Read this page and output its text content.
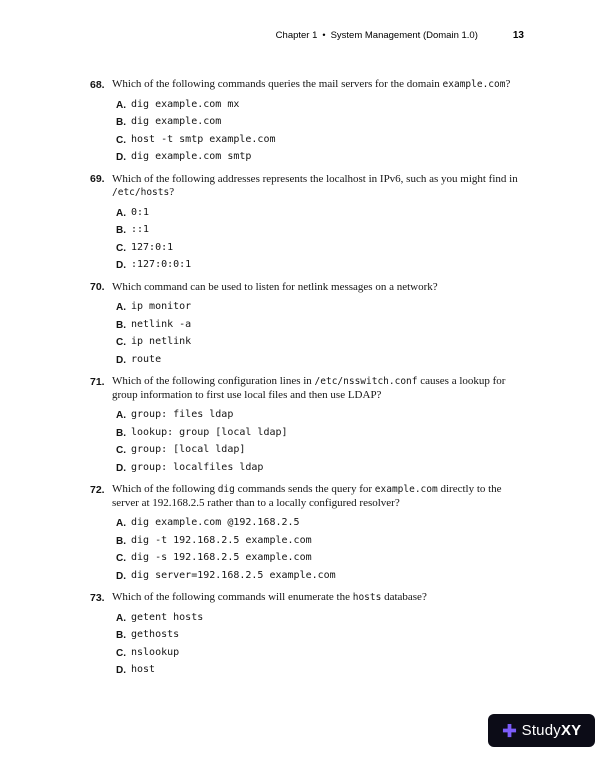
Chapter 1 • System Management (Domain 1.0)	13
68. Which of the following commands queries the mail servers for the domain example.com?
A. dig example.com mx
B. dig example.com
C. host -t smtp example.com
D. dig example.com smtp
69. Which of the following addresses represents the localhost in IPv6, such as you might find in /etc/hosts?
A. 0:1
B. ::1
C. 127:0:1
D. :127:0:0:1
70. Which command can be used to listen for netlink messages on a network?
A. ip monitor
B. netlink -a
C. ip netlink
D. route
71. Which of the following configuration lines in /etc/nsswitch.conf causes a lookup for group information to first use local files and then use LDAP?
A. group: files ldap
B. lookup: group [local ldap]
C. group: [local ldap]
D. group: localfiles ldap
72. Which of the following dig commands sends the query for example.com directly to the server at 192.168.2.5 rather than to a locally configured resolver?
A. dig example.com @192.168.2.5
B. dig -t 192.168.2.5 example.com
C. dig -s 192.168.2.5 example.com
D. dig server=192.168.2.5 example.com
73. Which of the following commands will enumerate the hosts database?
A. getent hosts
B. gethosts
C. nslookup
D. host
StudyXY
